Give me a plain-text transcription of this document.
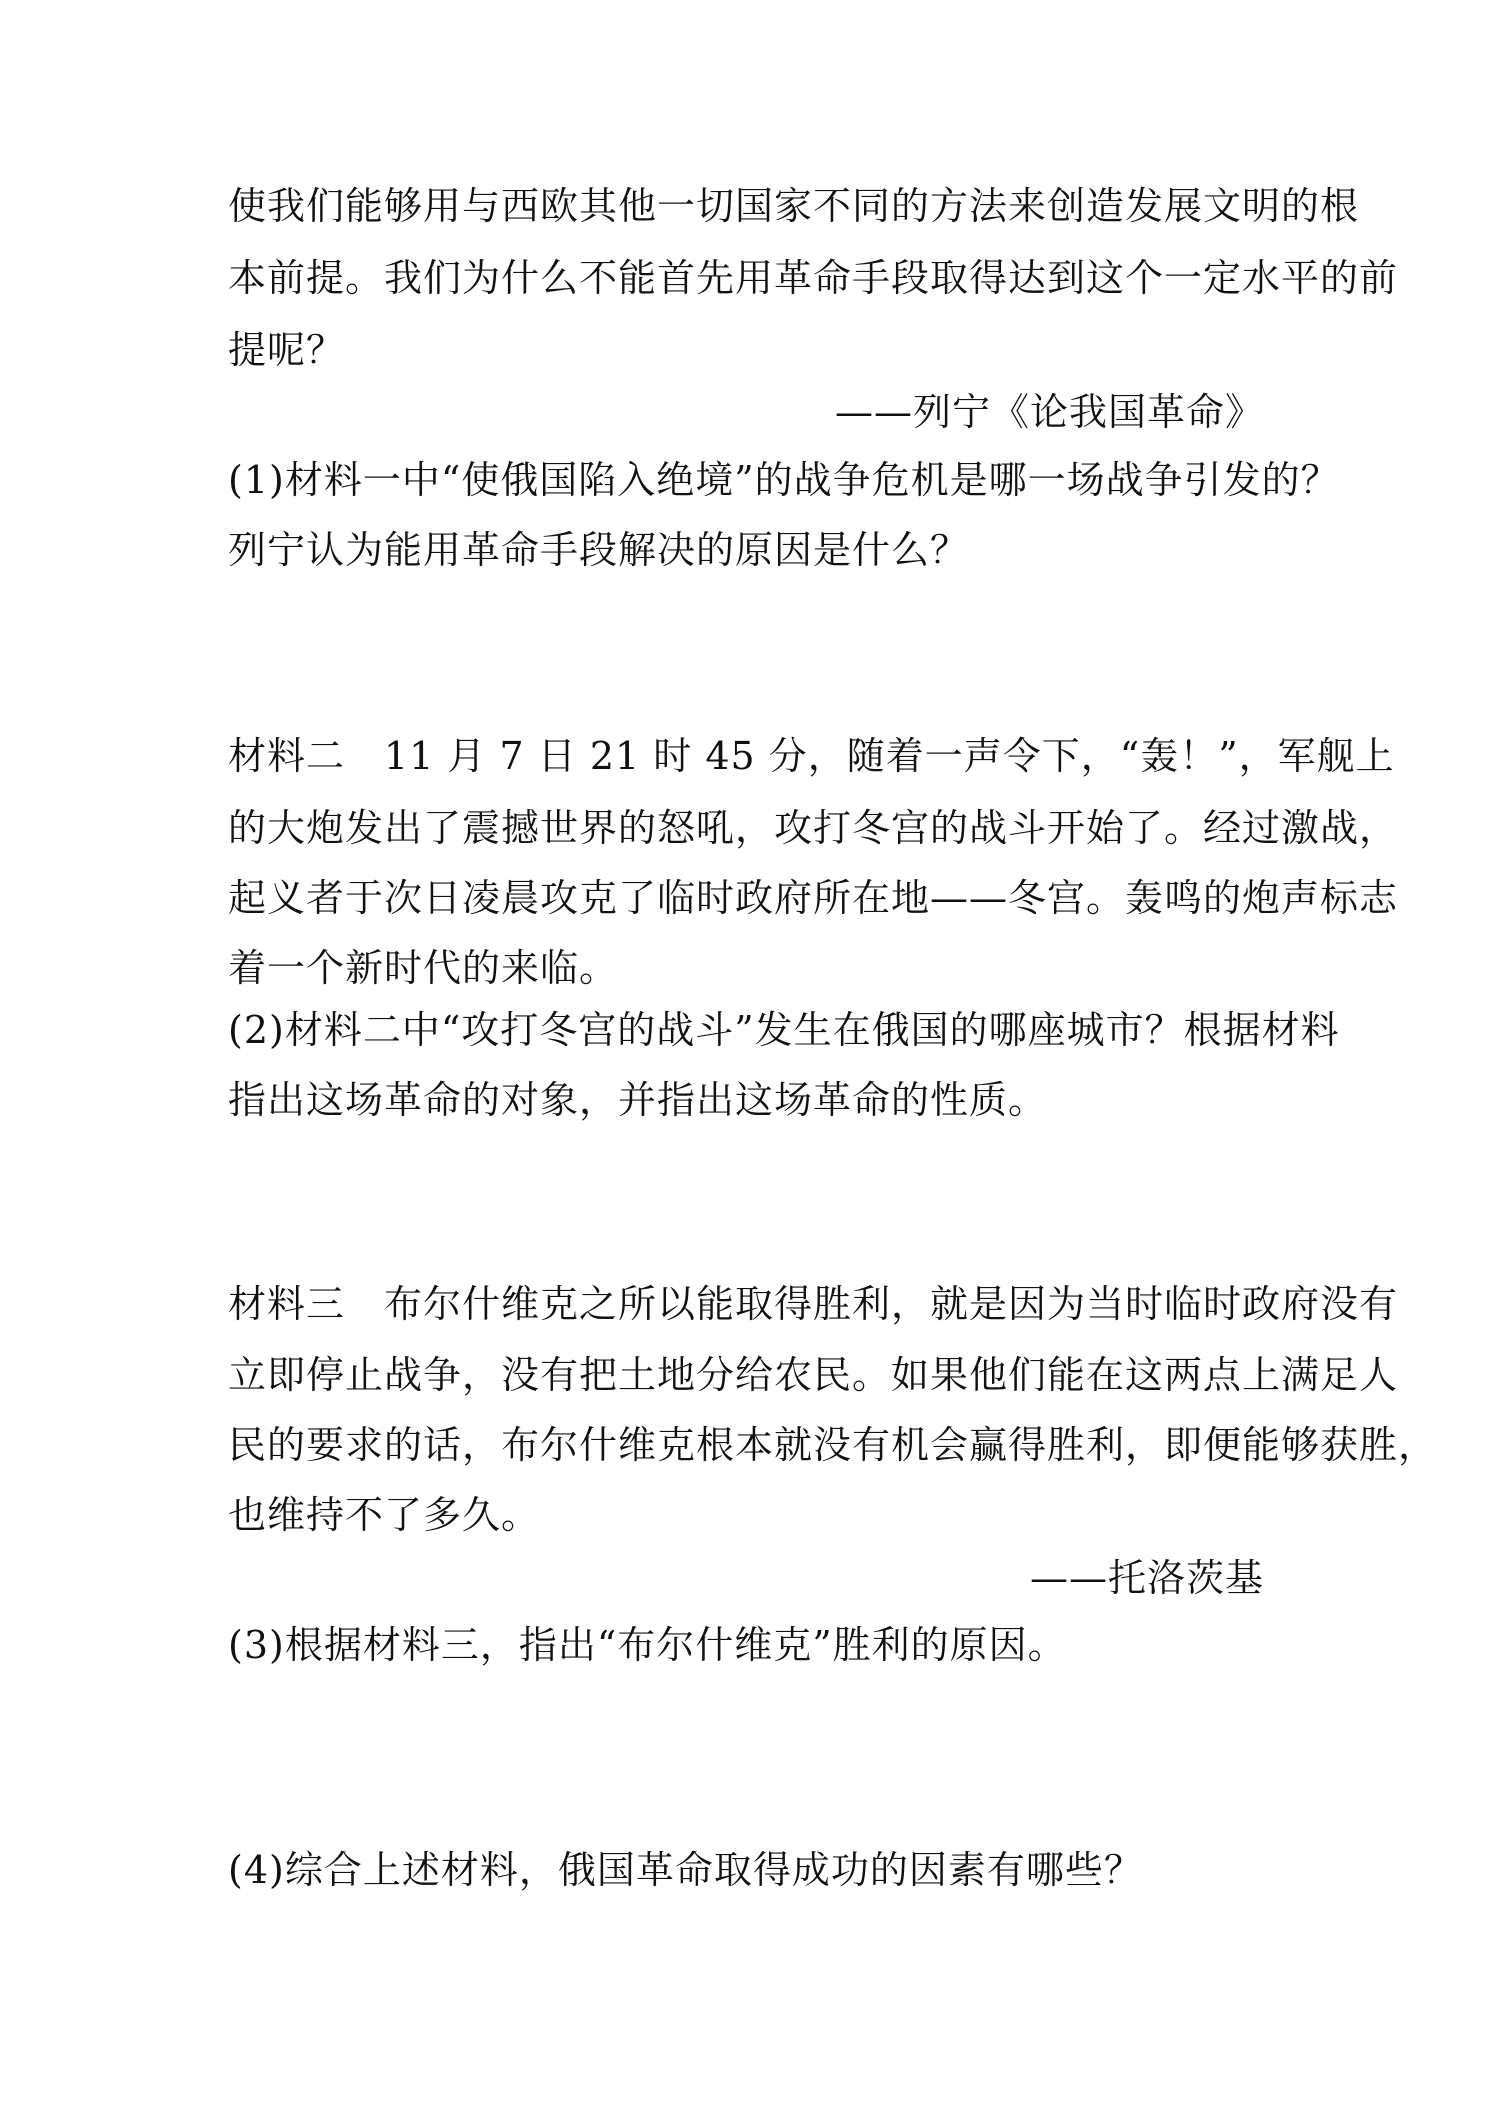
使我们能够用与西欧其他一切国家不同的方法来创造发展文明的根
本前提。我们为什么不能首先用革命手段取得达到这个一定水平的前
提呢？
——列宁《论我国革命》
(1)材料一中“使俄国陷入绝境”的战争危机是哪一场战争引发的？
列宁认为能用革命手段解决的原因是什么？
材料二　11 月 7 日 21 时 45 分，随着一声令下，“轰！”，军舰上
的大炮发出了震撼世界的怒吼，攻打冬宫的战斗开始了。经过激战，
起义者于次日凌晨攻克了临时政府所在地——冬宫。轰鸣的炮声标志
着一个新时代的来临。
(2)材料二中“攻打冬宫的战斗”发生在俄国的哪座城市？根据材料
指出这场革命的对象，并指出这场革命的性质。
材料三　布尔什维克之所以能取得胜利，就是因为当时临时政府没有
立即停止战争，没有把土地分给农民。如果他们能在这两点上满足人
民的要求的话，布尔什维克根本就没有机会赢得胜利，即便能够获胜，
也维持不了多久。
——托洛茨基
(3)根据材料三，指出“布尔什维克”胜利的原因。
(4)综合上述材料，俄国革命取得成功的因素有哪些？
